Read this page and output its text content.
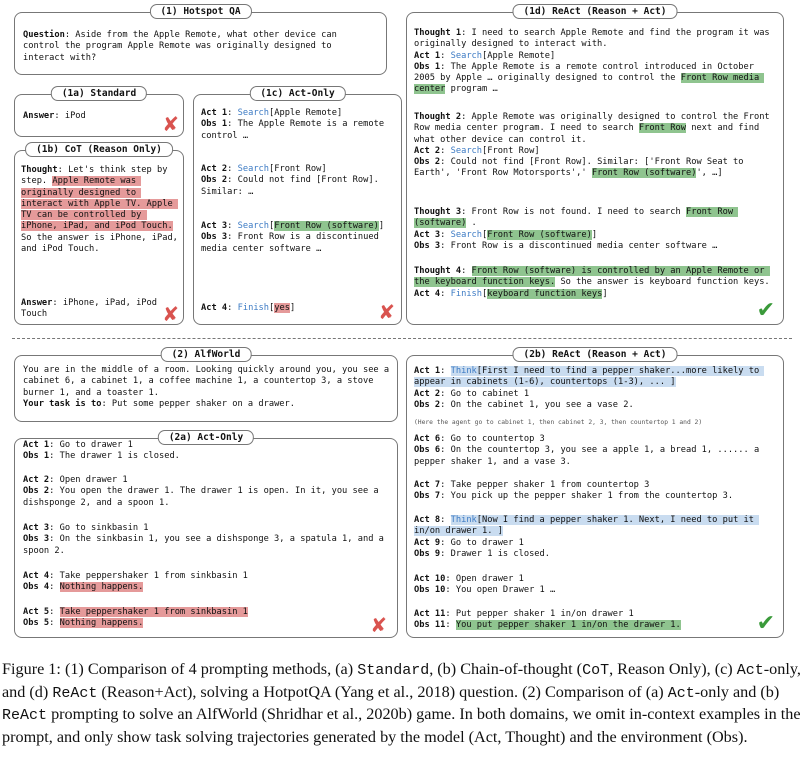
(1) Hotspot QA
Question: Aside from the Apple Remote, what other device can control the program Apple Remote was originally designed to interact with?
(1a) Standard
Answer: iPod	✘
(1b) CoT (Reason Only)
Thought: Let's think step by step. Apple Remote was originally designed to interact with Apple TV. Apple TV can be controlled by iPhone, iPad, and iPod Touch. So the answer is iPhone, iPad, and iPod Touch.
Answer: iPhone, iPad, iPod Touch	✘
(1c) Act-Only
Act 1: Search[Apple Remote]
Obs 1: The Apple Remote is a remote control …
Act 2: Search[Front Row]
Obs 2: Could not find [Front Row]. Similar: …
Act 3: Search[Front Row (software)]
Obs 3: Front Row is a discontinued media center software …
Act 4: Finish[yes]	✘
(1d) ReAct (Reason + Act)
Thought 1: I need to search Apple Remote and find the program it was originally designed to interact with.
Act 1: Search[Apple Remote]
Obs 1: The Apple Remote is a remote control introduced in October 2005 by Apple … originally designed to control the Front Row media center program …
Thought 2: Apple Remote was originally designed to control the Front Row media center program. I need to search Front Row next and find what other device can control it.
Act 2: Search[Front Row]
Obs 2: Could not find [Front Row]. Similar: ['Front Row Seat to Earth', 'Front Row Motorsports',' Front Row (software)', …]
Thought 3: Front Row is not found. I need to search Front Row (software) .
Act 3: Search[Front Row (software)]
Obs 3: Front Row is a discontinued media center software …
Thought 4: Front Row (software) is controlled by an Apple Remote or the keyboard function keys. So the answer is keyboard function keys.
Act 4: Finish[keyboard function keys]
✔
(2) AlfWorld
You are in the middle of a room. Looking quickly around you, you see a cabinet 6, a cabinet 1, a coffee machine 1, a countertop 3, a stove burner 1, and a toaster 1.
Your task is to: Put some pepper shaker on a drawer.
(2a) Act-Only
Act 1: Go to drawer 1
Obs 1: The drawer 1 is closed.
Act 2: Open drawer 1
Obs 2: You open the drawer 1. The drawer 1 is open. In it, you see a dishsponge 2, and a spoon 1.
Act 3: Go to sinkbasin 1
Obs 3: On the sinkbasin 1, you see a dishsponge 3, a spatula 1, and a spoon 2.
Act 4: Take peppershaker 1 from sinkbasin 1
Obs 4: Nothing happens.
Act 5: Take peppershaker 1 from sinkbasin 1
Obs 5: Nothing happens.	✘
(2b) ReAct (Reason + Act)
Act 1: Think[First I need to find a pepper shaker...more likely to appear in cabinets (1-6), countertops (1-3), ... ]
Act 2: Go to cabinet 1
Obs 2: On the cabinet 1, you see a vase 2.
(Here the agent go to cabinet 1, then cabinet 2, 3, then countertop 1 and 2)
Act 6: Go to countertop 3
Obs 6: On the countertop 3, you see a apple 1, a bread 1, ...... a pepper shaker 1, and a vase 3.
Act 7: Take pepper shaker 1 from countertop 3
Obs 7: You pick up the pepper shaker 1 from the countertop 3.
Act 8: Think[Now I find a pepper shaker 1. Next, I need to put it in/on drawer 1. ]
Act 9: Go to drawer 1
Obs 9: Drawer 1 is closed.
Act 10: Open drawer 1
Obs 10: You open Drawer 1 …
Act 11: Put pepper shaker 1 in/on drawer 1
Obs 11: You put pepper shaker 1 in/on the drawer 1.	✔
Figure 1: (1) Comparison of 4 prompting methods, (a) Standard, (b) Chain-of-thought (CoT, Reason Only), (c) Act-only, and (d) ReAct (Reason+Act), solving a HotpotQA (Yang et al., 2018) question. (2) Comparison of (a) Act-only and (b) ReAct prompting to solve an AlfWorld (Shridhar et al., 2020b) game. In both domains, we omit in-context examples in the prompt, and only show task solving trajectories generated by the model (Act, Thought) and the environment (Obs).
